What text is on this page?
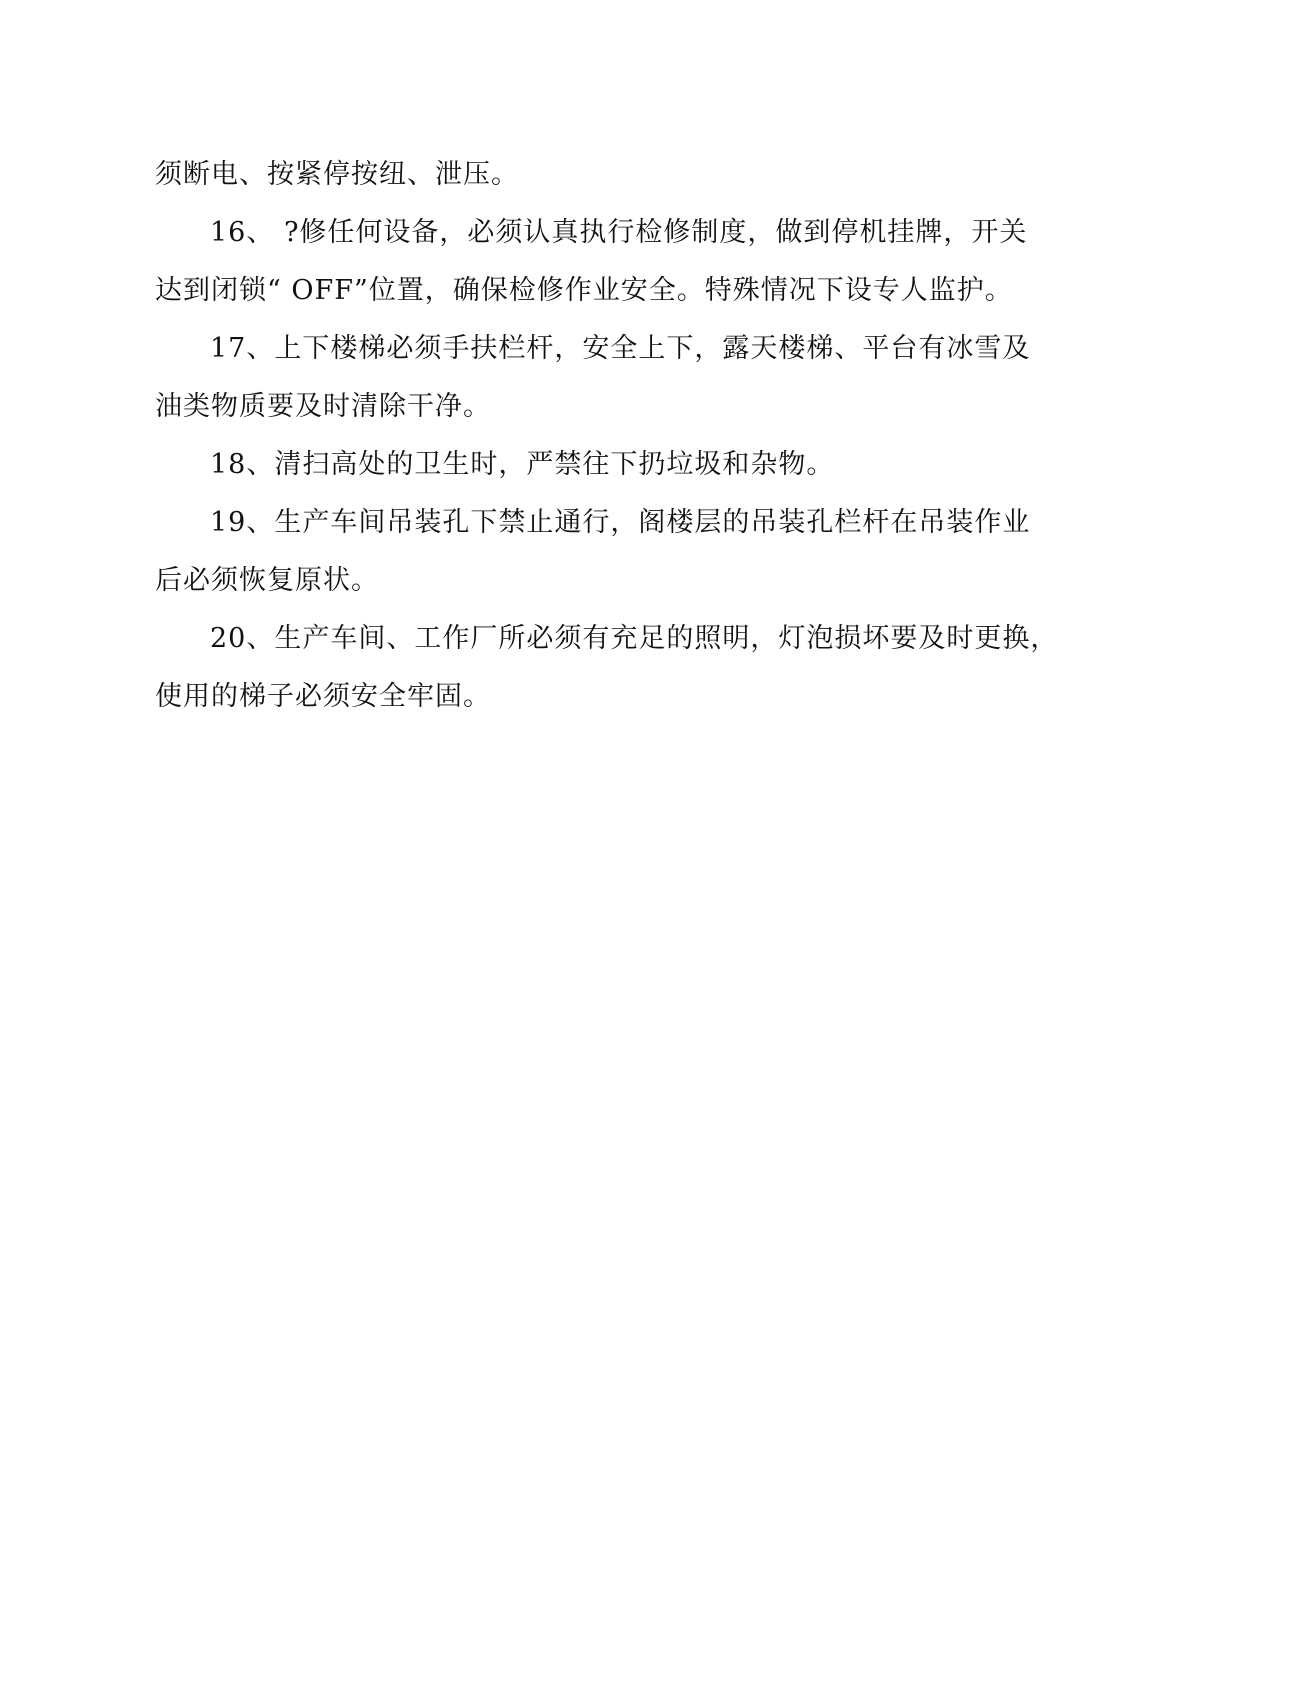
须断电、按紧停按纽、泄压。
16、 ?修任何设备，必须认真执行检修制度，做到停机挂牌，开关
达到闭锁“ OFF”位置，确保检修作业安全。特殊情况下设专人监护。
17、上下楼梯必须手扶栏杆，安全上下，露天楼梯、平台有冰雪及
油类物质要及时清除干净。
18、清扫高处的卫生时，严禁往下扔垃圾和杂物。
19、生产车间吊装孔下禁止通行，阁楼层的吊装孔栏杆在吊装作业
后必须恢复原状。
20、生产车间、工作厂所必须有充足的照明，灯泡损坏要及时更换，
使用的梯子必须安全牢固。
